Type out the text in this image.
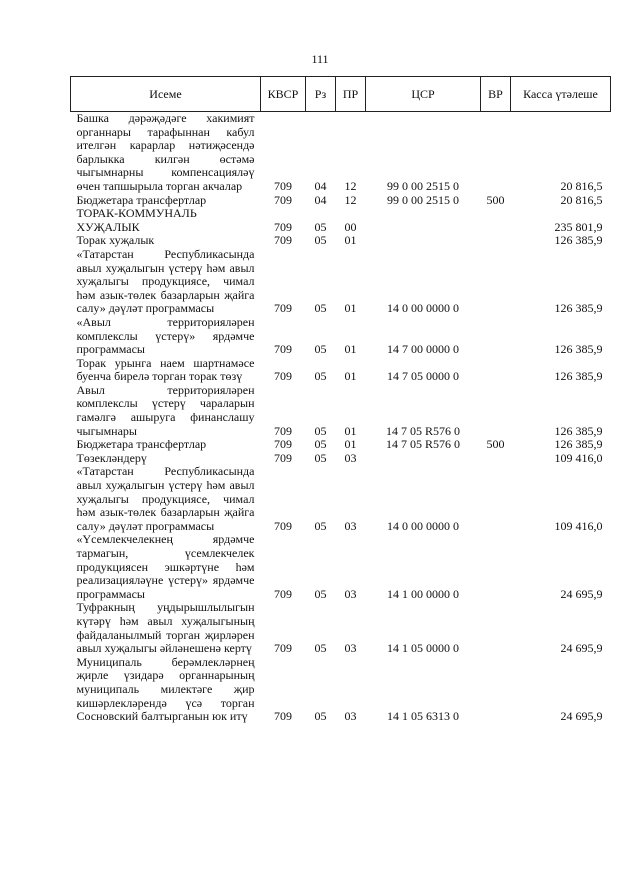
111
Исеме	КВСР	Рз	ПР	ЦСР	ВР	Касса үтәлеше
Башка дәрәҗәдәге хакимият органнары тарафыннан кабул ителгән карарлар нәтиҗәсендә барлыкка килгән өстәмә чыгымнарны компенсацияләү өчен тапшырыла торган акчалар	709	04	12	99 0 00 2515 0		20 816,5
Бюджетара трансфертлар	709	04	12	99 0 00 2515 0	500	20 816,5
ТОРАК-КОММУНАЛЬ ХУҖАЛЫК	709	05	00			235 801,9
Торак хуҗалык	709	05	01			126 385,9
«Татарстан Республикасында авыл хуҗалыгын үстерү һәм авыл хуҗалыгы продукциясе, чимал һәм азык-төлек базарларын җайга салу» дәүләт программасы	709	05	01	14 0 00 0000 0		126 385,9
«Авыл территорияләрен комплекслы үстерү» ярдәмче программасы	709	05	01	14 7 00 0000 0		126 385,9
Торак урынга наем шартнамәсе буенча бирелә торган торак төзү	709	05	01	14 7 05 0000 0		126 385,9
Авыл территорияләрен комплекслы үстерү чараларын гамәлгә ашыруга финанслашу чыгымнары	709	05	01	14 7 05 R576 0		126 385,9
Бюджетара трансфертлар	709	05	01	14 7 05 R576 0	500	126 385,9
Төзекләндерү	709	05	03			109 416,0
«Татарстан Республикасында авыл хуҗалыгын үстерү һәм авыл хуҗалыгы продукциясе, чимал һәм азык-төлек базарларын җайга салу» дәүләт программасы	709	05	03	14 0 00 0000 0		109 416,0
«Үсемлекчелекнең ярдәмче тармагын, үсемлекчелек продукциясен эшкәртүне һәм реализацияләүне үстерү» ярдәмче программасы	709	05	03	14 1 00 0000 0		24 695,9
Туфракның уңдырышлылыгын күтәрү һәм авыл хуҗалыгының файдаланылмый торган җирләрен авыл хуҗалыгы әйләнешенә кертү	709	05	03	14 1 05 0000 0		24 695,9
Муниципаль берәмлекләрнең җирле үзидарә органнарының муниципаль милектәге җир кишәрлекләрендә үсә торган Сосновский балтырганын юк итү	709	05	03	14 1 05 6313 0		24 695,9
